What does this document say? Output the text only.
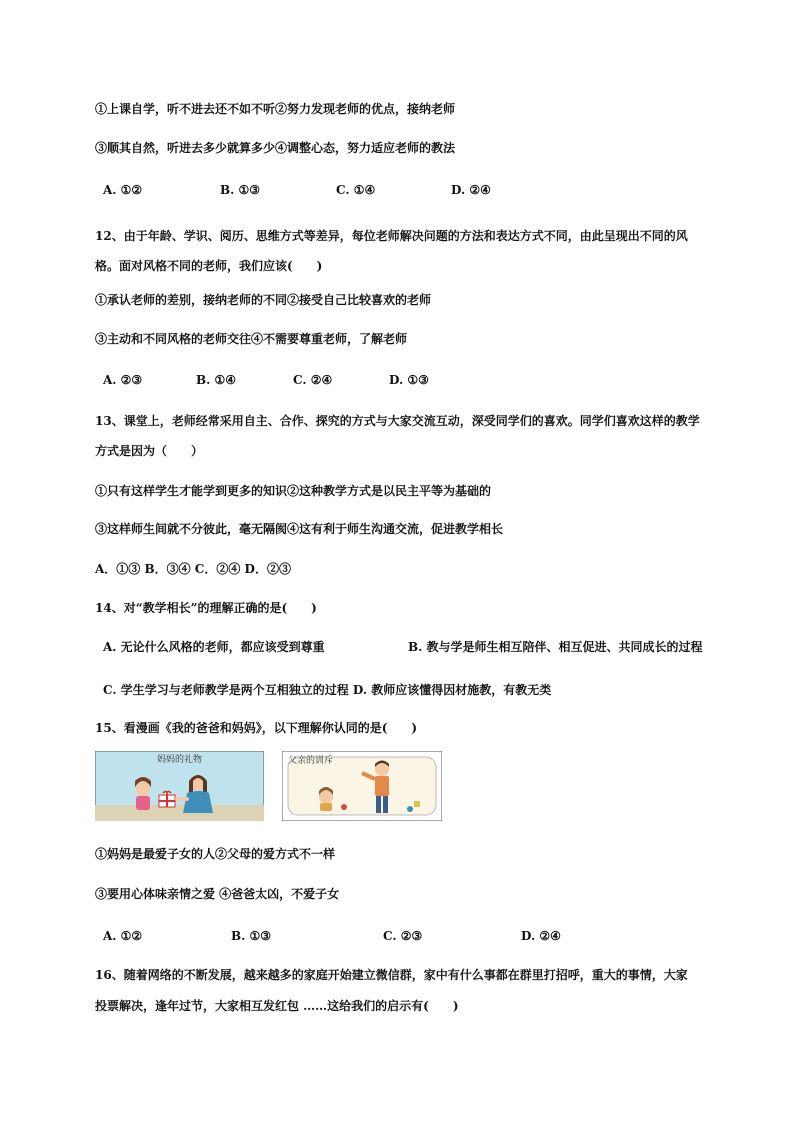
①上课自学，听不进去还不如不听②努力发现老师的优点，接纳老师
③顺其自然，听进去多少就算多少④调整心态，努力适应老师的教法
A. ①②	B. ①③	C. ①④	D. ②④
12、由于年龄、学识、阅历、思维方式等差异，每位老师解决问题的方法和表达方式不同，由此呈现出不同的风
格。面对风格不同的老师，我们应该(　　)
①承认老师的差别，接纳老师的不同②接受自己比较喜欢的老师
③主动和不同风格的老师交往④不需要尊重老师，了解老师
A. ②③	B. ①④	C. ②④	D. ①③
13、课堂上，老师经常采用自主、合作、探究的方式与大家交流互动，深受同学们的喜欢。同学们喜欢这样的教学
方式是因为（　　）
①只有这样学生才能学到更多的知识②这种教学方式是以民主平等为基础的
③这样师生间就不分彼此，毫无隔阂④这有利于师生沟通交流，促进教学相长
A．①③ B．③④ C．②④ D．②③
14、对“教学相长”的理解正确的是(　　)
A. 无论什么风格的老师，都应该受到尊重	B. 教与学是师生相互陪伴、相互促进、共同成长的过程
C. 学生学习与老师教学是两个互相独立的过程 D. 教师应该懂得因材施教，有教无类
15、看漫画《我的爸爸和妈妈》，以下理解你认同的是(　　)
妈妈的礼物	父亲的训斥
①妈妈是最爱子女的人②父母的爱方式不一样
③要用心体味亲情之爱 ④爸爸太凶，不爱子女
A. ①②	B. ①③	C. ②③	D. ②④
16、随着网络的不断发展，越来越多的家庭开始建立微信群，家中有什么事都在群里打招呼，重大的事情，大家
投票解决，逢年过节，大家相互发红包 ……这给我们的启示有(　　)
